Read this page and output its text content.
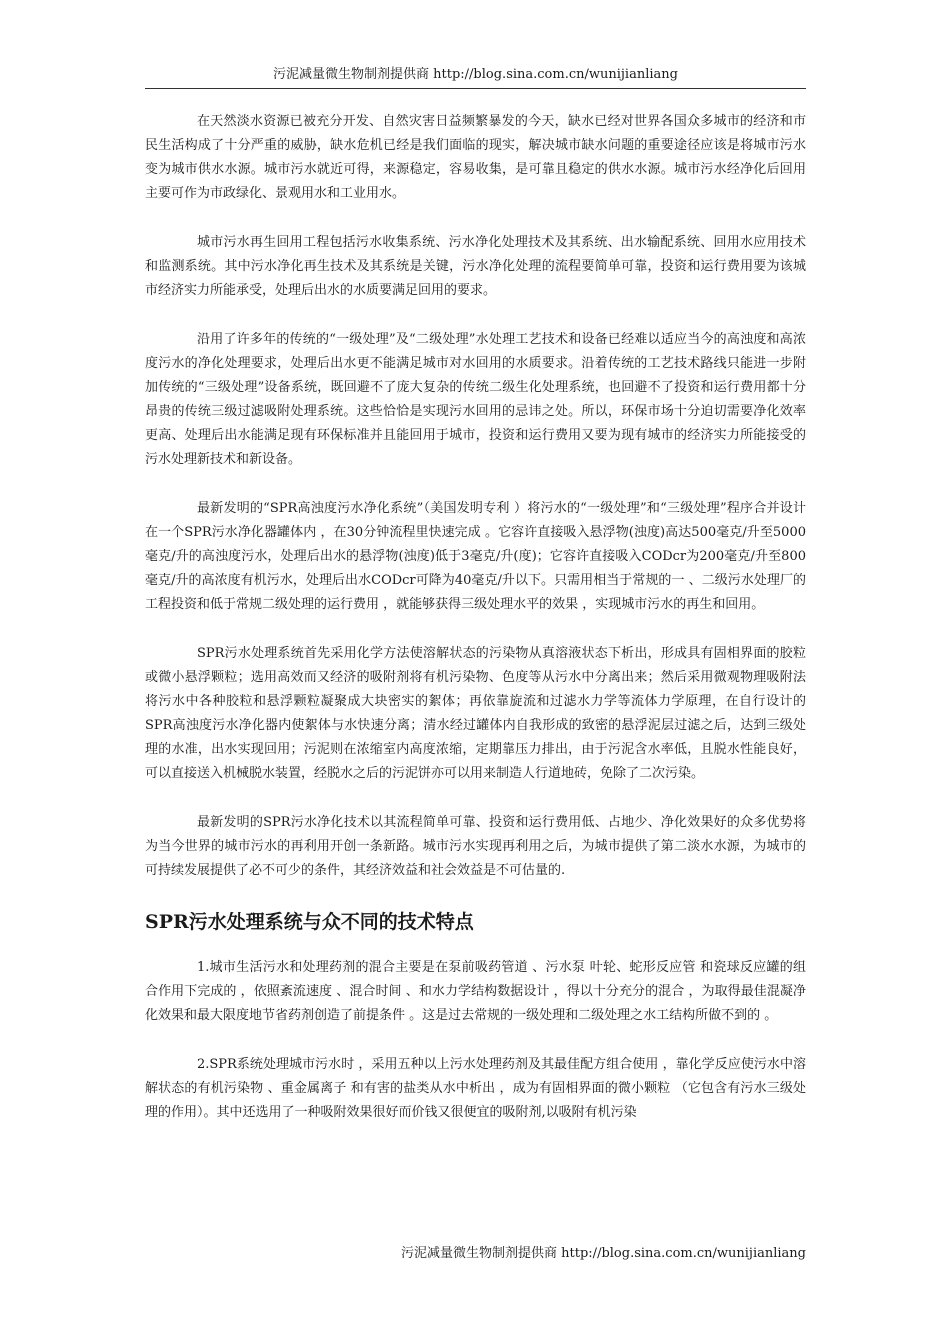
污泥减量微生物制剂提供商 http://blog.sina.com.cn/wunijianliang

在天然淡水资源已被充分开发、自然灾害日益频繁暴发的今天，缺水已经对世界各国众多城市的经济和市民生活构成了十分严重的威胁，缺水危机已经是我们面临的现实，解决城市缺水问题的重要途径应该是将城市污水变为城市供水水源。城市污水就近可得，来源稳定，容易收集，是可靠且稳定的供水水源。城市污水经净化后回用主要可作为市政绿化、景观用水和工业用水。

城市污水再生回用工程包括污水收集系统、污水净化处理技术及其系统、出水输配系统、回用水应用技术和监测系统。其中污水净化再生技术及其系统是关键，污水净化处理的流程要简单可靠，投资和运行费用要为该城市经济实力所能承受，处理后出水的水质要满足回用的要求。

沿用了许多年的传统的“一级处理”及“二级处理”水处理工艺技术和设备已经难以适应当今的高浊度和高浓度污水的净化处理要求，处理后出水更不能满足城市对水回用的水质要求。沿着传统的工艺技术路线只能进一步附加传统的“三级处理”设备系统，既回避不了庞大复杂的传统二级生化处理系统，也回避不了投资和运行费用都十分昂贵的传统三级过滤吸附处理系统。这些恰恰是实现污水回用的忌讳之处。所以，环保市场十分迫切需要净化效率更高、处理后出水能满足现有环保标准并且能回用于城市，投资和运行费用又要为现有城市的经济实力所能接受的污水处理新技术和新设备。

最新发明的“SPR高浊度污水净化系统”（美国发明专利 ）将污水的“一级处理”和“三级处理”程序合并设计在一个SPR污水净化器罐体内 ，在30分钟流程里快速完成 。它容许直接吸入悬浮物(浊度)高达500毫克/升至5000毫克/升的高浊度污水，处理后出水的悬浮物(浊度)低于3毫克/升(度)；它容许直接吸入CODcr为200毫克/升至800毫克/升的高浓度有机污水，处理后出水CODcr可降为40毫克/升以下。只需用相当于常规的一 、二级污水处理厂的工程投资和低于常规二级处理的运行费用 ，就能够获得三级处理水平的效果 ，实现城市污水的再生和回用。

SPR污水处理系统首先采用化学方法使溶解状态的污染物从真溶液状态下析出，形成具有固相界面的胶粒或微小悬浮颗粒；选用高效而又经济的吸附剂将有机污染物、色度等从污水中分离出来；然后采用微观物理吸附法将污水中各种胶粒和悬浮颗粒凝聚成大块密实的絮体；再依靠旋流和过滤水力学等流体力学原理，在自行设计的SPR高浊度污水净化器内使絮体与水快速分离；清水经过罐体内自我形成的致密的悬浮泥层过滤之后，达到三级处理的水准，出水实现回用；污泥则在浓缩室内高度浓缩，定期靠压力排出，由于污泥含水率低，且脱水性能良好，可以直接送入机械脱水装置，经脱水之后的污泥饼亦可以用来制造人行道地砖，免除了二次污染。

最新发明的SPR污水净化技术以其流程简单可靠、投资和运行费用低、占地少、净化效果好的众多优势将为当今世界的城市污水的再利用开创一条新路。城市污水实现再利用之后，为城市提供了第二淡水水源，为城市的可持续发展提供了必不可少的条件，其经济效益和社会效益是不可估量的.

SPR污水处理系统与众不同的技术特点

1.城市生活污水和处理药剂的混合主要是在泵前吸药管道 、污水泵 叶轮、蛇形反应管 和瓷球反应罐的组合作用下完成的 ，依照紊流速度 、混合时间 、和水力学结构数据设计 ，得以十分充分的混合 ，为取得最佳混凝净化效果和最大限度地节省药剂创造了前提条件 。这是过去常规的一级处理和二级处理之水工结构所做不到的 。

2.SPR系统处理城市污水时 ，采用五种以上污水处理药剂及其最佳配方组合使用 ，靠化学反应使污水中溶解状态的有机污染物 、重金属离子 和有害的盐类从水中析出 ，成为有固相界面的微小颗粒 （它包含有污水三级处理的作用）。其中还选用了一种吸附效果很好而价钱又很便宜的吸附剂,以吸附有机污染

污泥减量微生物制剂提供商 http://blog.sina.com.cn/wunijianliang
